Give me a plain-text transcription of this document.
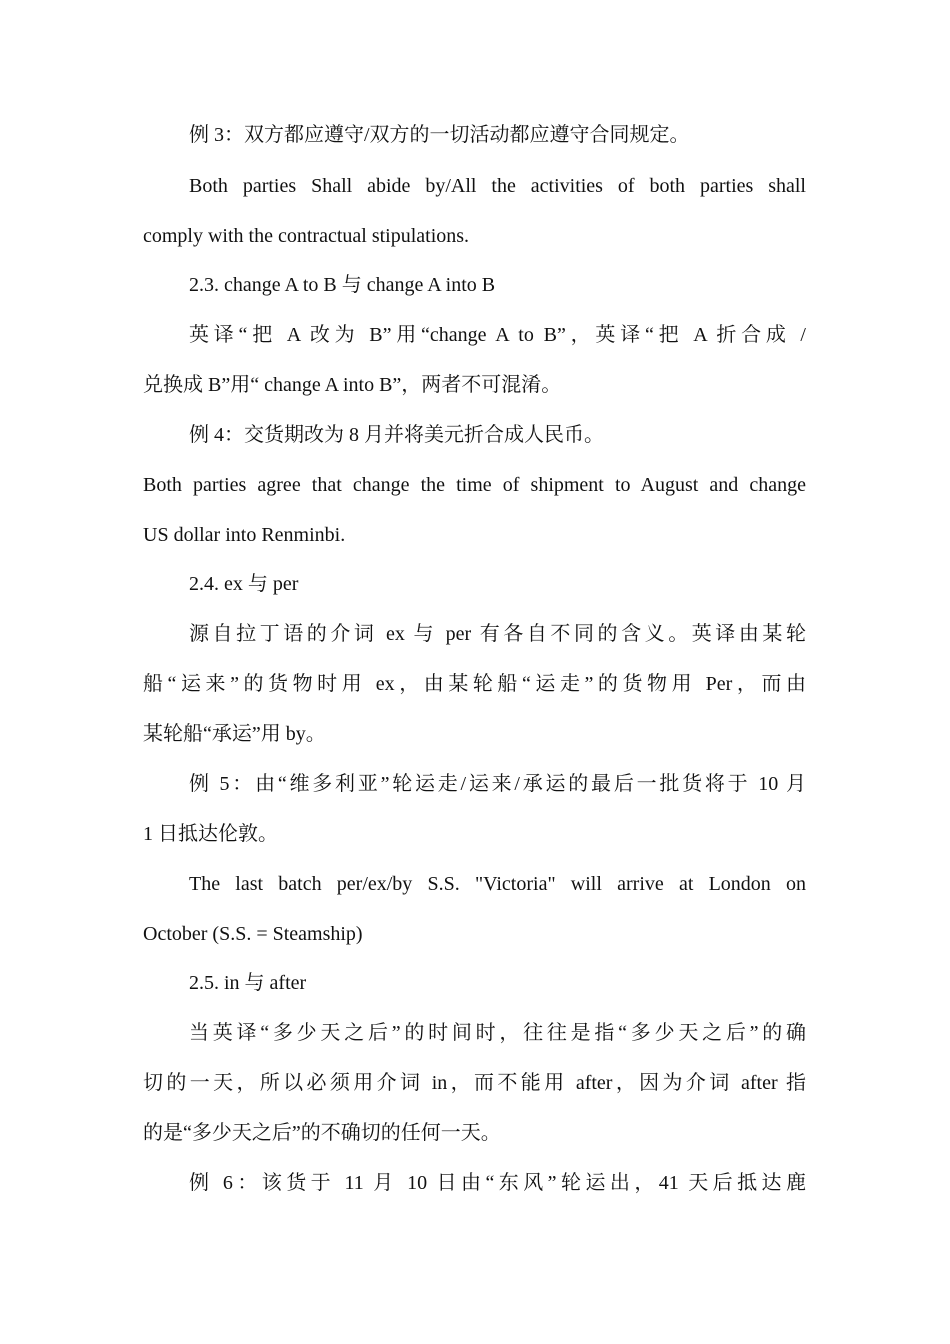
例 3：双方都应遵守/双方的一切活动都应遵守合同规定。
Both parties Shall abide by/All the activities of both parties shall
comply with the contractual stipulations.
2.3. change A to B 与 change A into B
英译“把 A 改为 B”用“change A to B”，英译“把 A 折合成 /
兑换成 B”用“ change A into B”，两者不可混淆。
例 4：交货期改为 8 月并将美元折合成人民币。
Both parties agree that change the time of shipment to August and change
US dollar into Renminbi.
2.4. ex 与 per
源自拉丁语的介词 ex 与 per 有各自不同的含义。英译由某轮
船“运来”的货物时用 ex，由某轮船“运走”的货物用 Per，而由
某轮船“承运”用 by。
例 5：由“维多利亚”轮运走/运来/承运的最后一批货将于 10 月
1 日抵达伦敦。
The last batch per/ex/by S.S. "Victoria" will arrive at London on
October (S.S. = Steamship)
2.5. in 与 after
当英译“多少天之后”的时间时，往往是指“多少天之后”的确
切的一天，所以必须用介词 in，而不能用 after，因为介词 after 指
的是“多少天之后”的不确切的任何一天。
例 6：该货于 11 月 10 日由“东风”轮运出，41 天后抵达鹿
